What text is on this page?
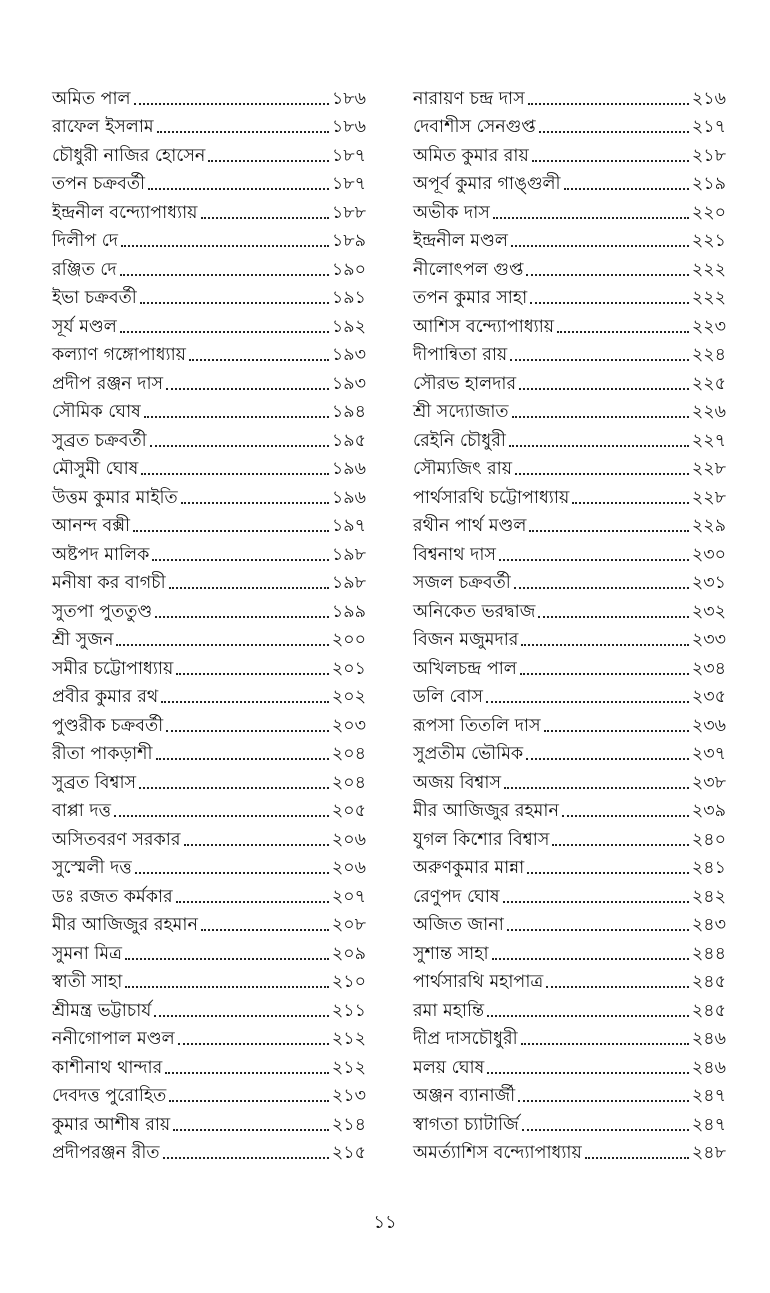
অমিত পাল	১৮৬
রাফেল ইসলাম	১৮৬
চৌধুরী নাজির হোসেন	১৮৭
তপন চক্রবর্তী	১৮৭
ইন্দ্রনীল বন্দ্যোপাধ্যায়	১৮৮
দিলীপ দে	১৮৯
রঞ্জিত দে	১৯০
ইভা চক্রবর্তী	১৯১
সূর্য মণ্ডল	১৯২
কল্যাণ গঙ্গোপাধ্যায়	১৯৩
প্রদীপ রঞ্জন দাস	১৯৩
সৌমিক ঘোষ	১৯৪
সুব্রত চক্রবর্তী	১৯৫
মৌসুমী ঘোষ	১৯৬
উত্তম কুমার মাইতি	১৯৬
আনন্দ বক্সী	১৯৭
অষ্টপদ মালিক	১৯৮
মনীষা কর বাগচী	১৯৮
সুতপা পুততুণ্ড	১৯৯
শ্রী সুজন	২০০
সমীর চট্টোপাধ্যায়	২০১
প্রবীর কুমার রথ	২০২
পুণ্ডরীক চক্রবর্তী	২০৩
রীতা পাকড়াশী	২০৪
সুব্রত বিশ্বাস	২০৪
বাপ্পা দত্ত	২০৫
অসিতবরণ সরকার	২০৬
সুস্মেলী দত্ত	২০৬
ডঃ রজত কর্মকার	২০৭
মীর আজিজুর রহমান	২০৮
সুমনা মিত্র	২০৯
স্বাতী সাহা	২১০
শ্রীমন্ত্র ভট্টাচার্য	২১১
ননীগোপাল মণ্ডল	২১২
কাশীনাথ থান্দার	২১২
দেবদত্ত পুরোহিত	২১৩
কুমার আশীষ রায়	২১৪
প্রদীপরঞ্জন রীত	২১৫
নারায়ণ চন্দ্র দাস	২১৬
দেবাশীস সেনগুপ্ত	২১৭
অমিত কুমার রায়	২১৮
অপূর্ব কুমার গাঙ্গুলী	২১৯
অভীক দাস	২২০
ইন্দ্রনীল মণ্ডল	২২১
নীলোৎপল গুপ্ত	২২২
তপন কুমার সাহা	২২২
আশিস বন্দ্যোপাধ্যায়	২২৩
দীপান্বিতা রায়	২২৪
সৌরভ হালদার	২২৫
শ্রী সদ্যোজাত	২২৬
রেইনি চৌধুরী	২২৭
সৌম্যজিৎ রায়	২২৮
পার্থসারথি চট্টোপাধ্যায়	২২৮
রথীন পার্থ মণ্ডল	২২৯
বিশ্বনাথ দাস	২৩০
সজল চক্রবর্তী	২৩১
অনিকেত ভরদ্বাজ	২৩২
বিজন মজুমদার	২৩৩
অখিলচন্দ্র পাল	২৩৪
ডলি বোস	২৩৫
রূপসা তিতলি দাস	২৩৬
সুপ্রতীম ভৌমিক	২৩৭
অজয় বিশ্বাস	২৩৮
মীর আজিজুর রহমান	২৩৯
যুগল কিশোর বিশ্বাস	২৪০
অরুণকুমার মান্না	২৪১
রেণুপদ ঘোষ	২৪২
অজিত জানা	২৪৩
সুশান্ত সাহা	২৪৪
পার্থসারথি মহাপাত্র	২৪৫
রমা মহান্তি	২৪৫
দীপ্র দাসচৌধুরী	২৪৬
মলয় ঘোষ	২৪৬
অঞ্জন ব্যানার্জী	২৪৭
স্বাগতা চ্যাটার্জি	২৪৭
অমর্ত্যাশিস বন্দ্যোপাধ্যায়	২৪৮
১১
